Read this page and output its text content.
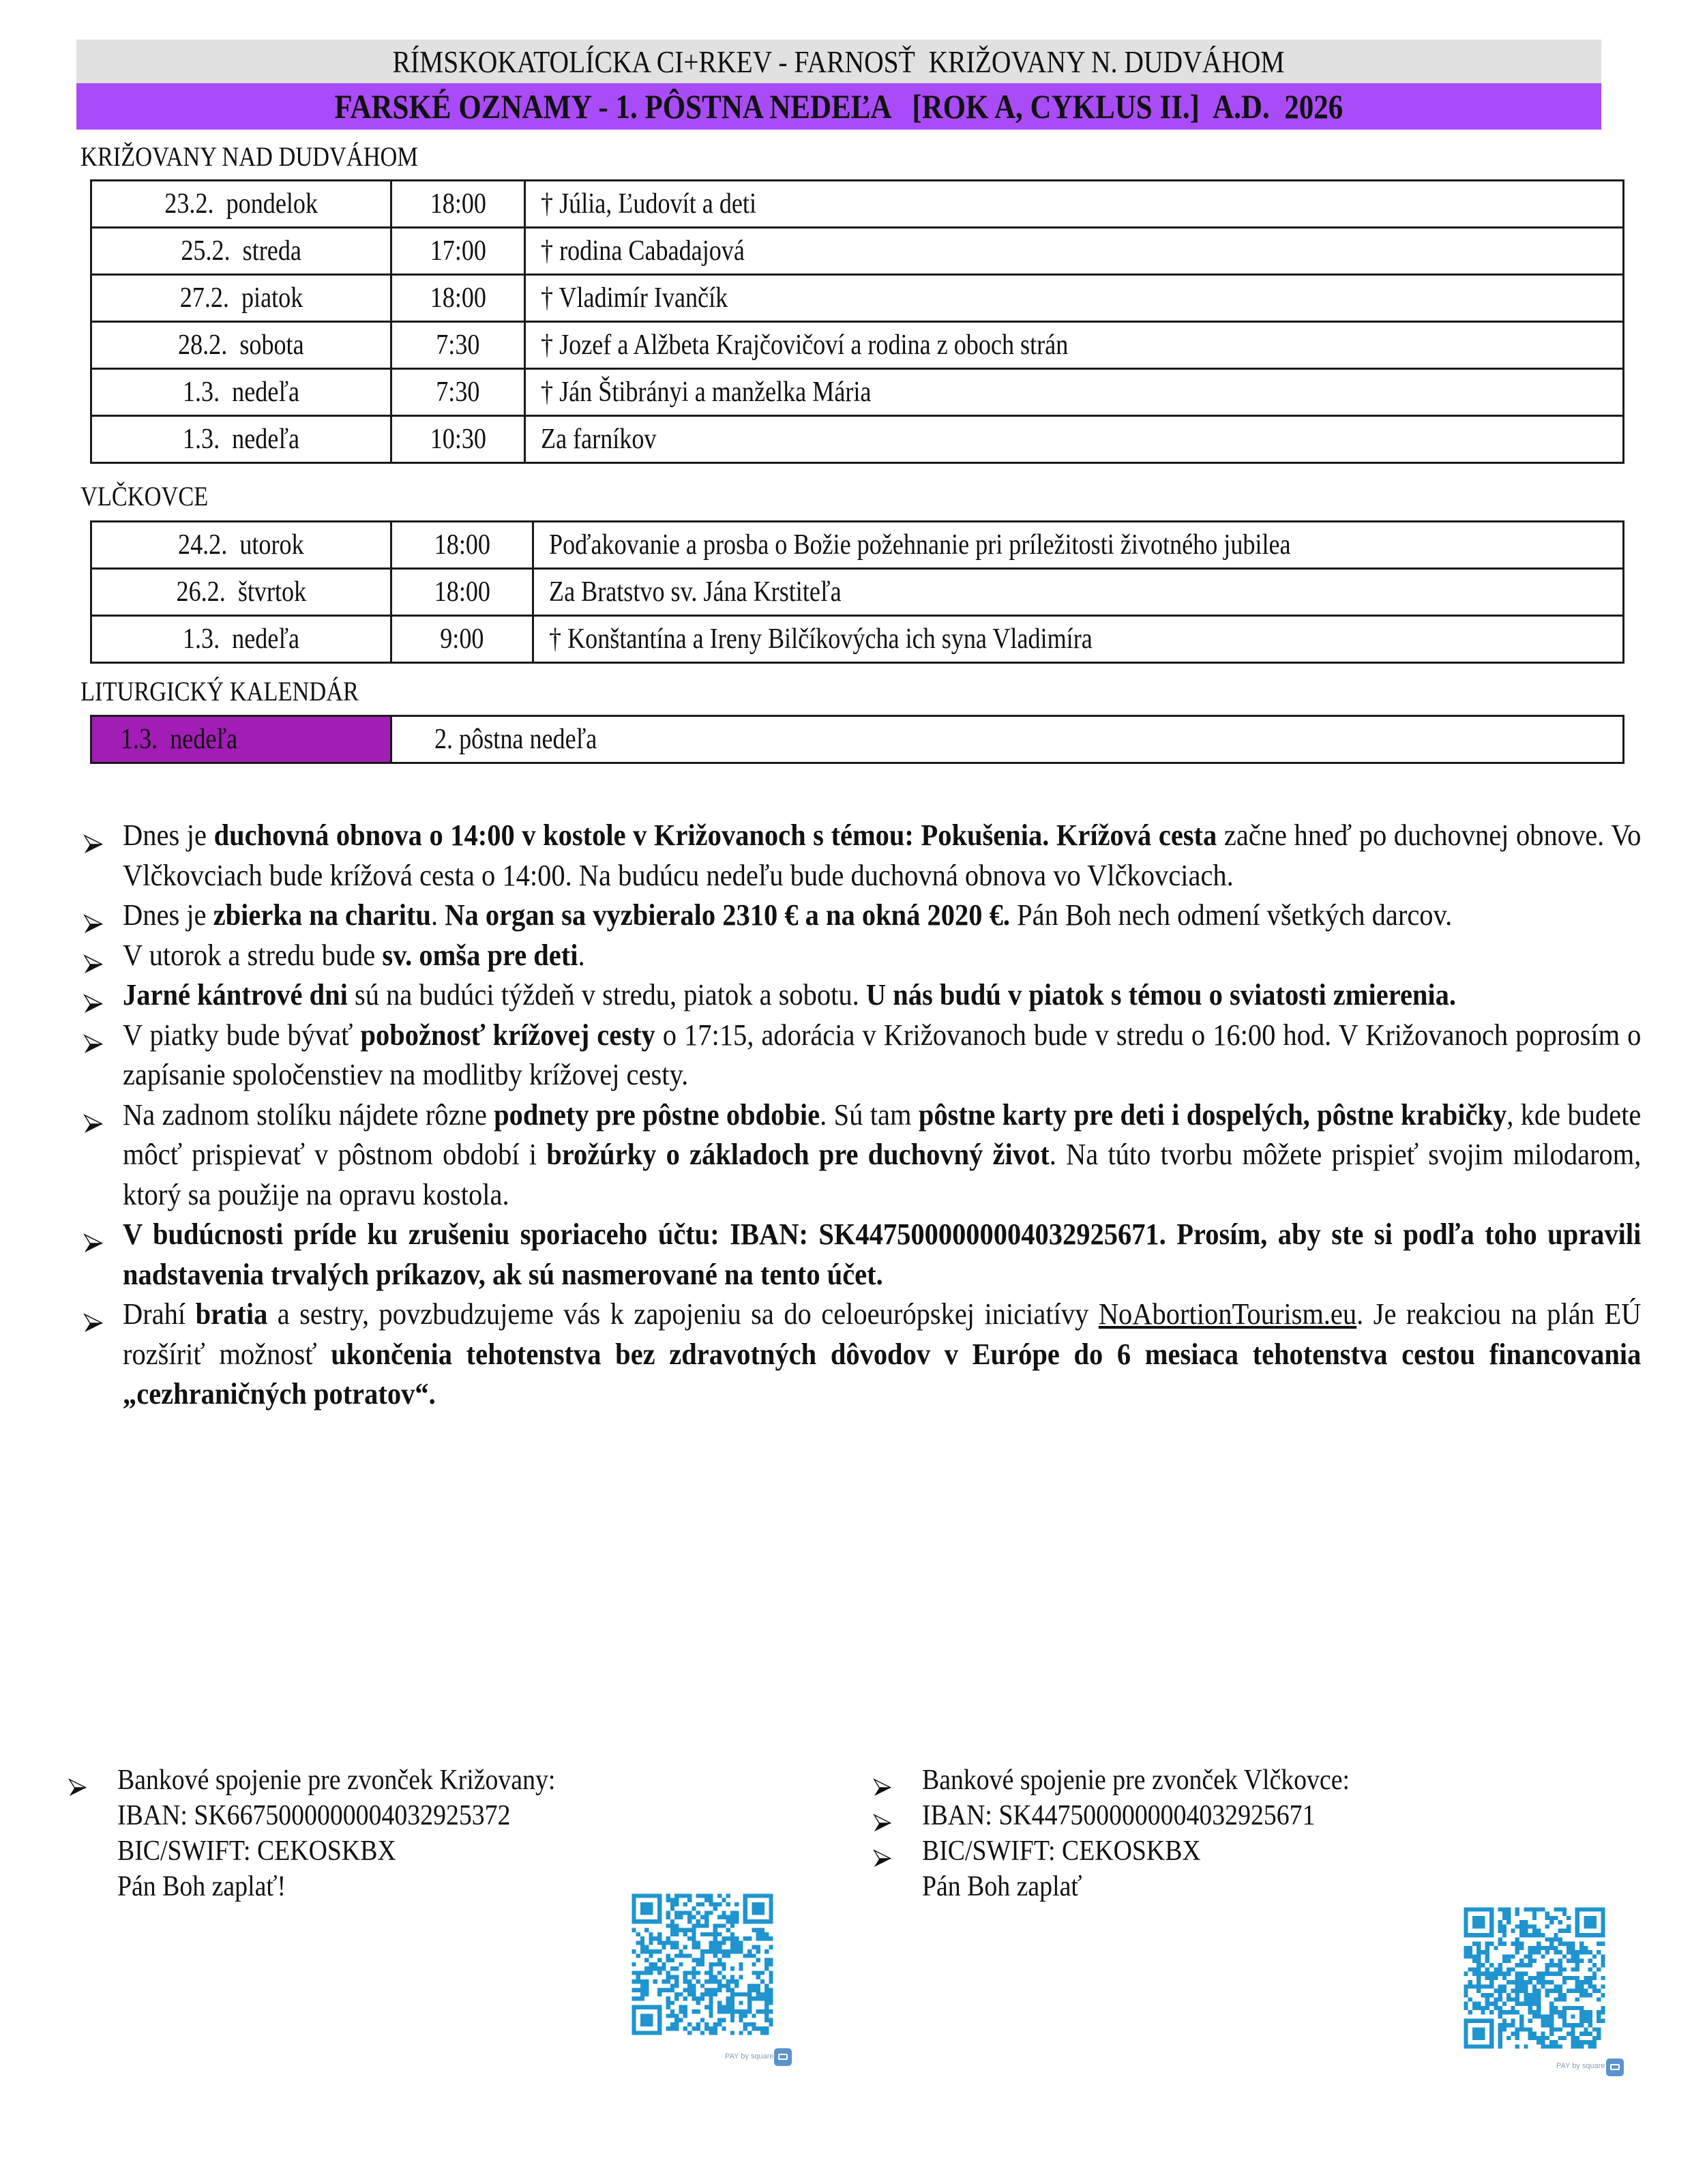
RÍMSKOKATOLÍCKA CI+RKEV - FARNOSŤ  KRIŽOVANY N. DUDVÁHOM
FARSKÉ OZNAMY - 1. PÔSTNA NEDEĽA   [ROK A, CYKLUS II.]  A.D.  2026
KRIŽOVANY NAD DUDVÁHOM
23.2.  pondelok	18:00	† Júlia, Ľudovít a deti
25.2.  streda	17:00	† rodina Cabadajová
27.2.  piatok	18:00	† Vladimír Ivančík
28.2.  sobota	7:30	† Jozef a Alžbeta Krajčovičoví a rodina z oboch strán
1.3.  nedeľa	7:30	† Ján Štibrányi a manželka Mária
1.3.  nedeľa	10:30	Za farníkov
VLČKOVCE
24.2.  utorok	18:00	Poďakovanie a prosba o Božie požehnanie pri príležitosti životného jubilea
26.2.  štvrtok	18:00	Za Bratstvo sv. Jána Krstiteľa
1.3.  nedeľa	9:00	† Konštantína a Ireny Bilčíkovýcha ich syna Vladimíra
LITURGICKÝ KALENDÁR
1.3.  nedeľa	2. pôstna nedeľa
Dnes je duchovná obnova o 14:00 v kostole v Križovanoch s témou: Pokušenia. Krížová cesta začne hneď po duchovnej obnove. Vo Vlčkovciach bude krížová cesta o 14:00. Na budúcu nedeľu bude duchovná obnova vo Vlčkovciach.
Dnes je zbierka na charitu. Na organ sa vyzbieralo 2310 € a na okná 2020 €. Pán Boh nech odmení všetkých darcov.
V utorok a stredu bude sv. omša pre deti.
Jarné kántrové dni sú na budúci týždeň v stredu, piatok a sobotu. U nás budú v piatok s témou o sviatosti zmierenia.
V piatky bude bývať pobožnosť krížovej cesty o 17:15, adorácia v Križovanoch bude v stredu o 16:00 hod. V Križovanoch poprosím o zapísanie spoločenstiev na modlitby krížovej cesty.
Na zadnom stolíku nájdete rôzne podnety pre pôstne obdobie. Sú tam pôstne karty pre deti i dospelých, pôstne krabičky, kde budete môcť prispievať v pôstnom období i brožúrky o základoch pre duchovný život. Na túto tvorbu môžete prispieť svojim milodarom, ktorý sa použije na opravu kostola.
V budúcnosti príde ku zrušeniu sporiaceho účtu: IBAN: SK4475000000004032925671. Prosím, aby ste si podľa toho upravili nadstavenia trvalých príkazov, ak sú nasmerované na tento účet.
Drahí bratia a sestry, povzbudzujeme vás k zapojeniu sa do celoeurópskej iniciatívy NoAbortionTourism.eu. Je reakciou na plán EÚ rozšíriť možnosť ukončenia tehotenstva bez zdravotných dôvodov v Európe do 6 mesiaca tehotenstva cestou financovania „cezhraničných potratov“.
Bankové spojenie pre zvonček Križovany:
IBAN: SK6675000000004032925372
BIC/SWIFT: CEKOSKBX
Pán Boh zaplať!
PAY by square
Bankové spojenie pre zvonček Vlčkovce:
IBAN: SK4475000000004032925671
BIC/SWIFT: CEKOSKBX
Pán Boh zaplať
PAY by square
